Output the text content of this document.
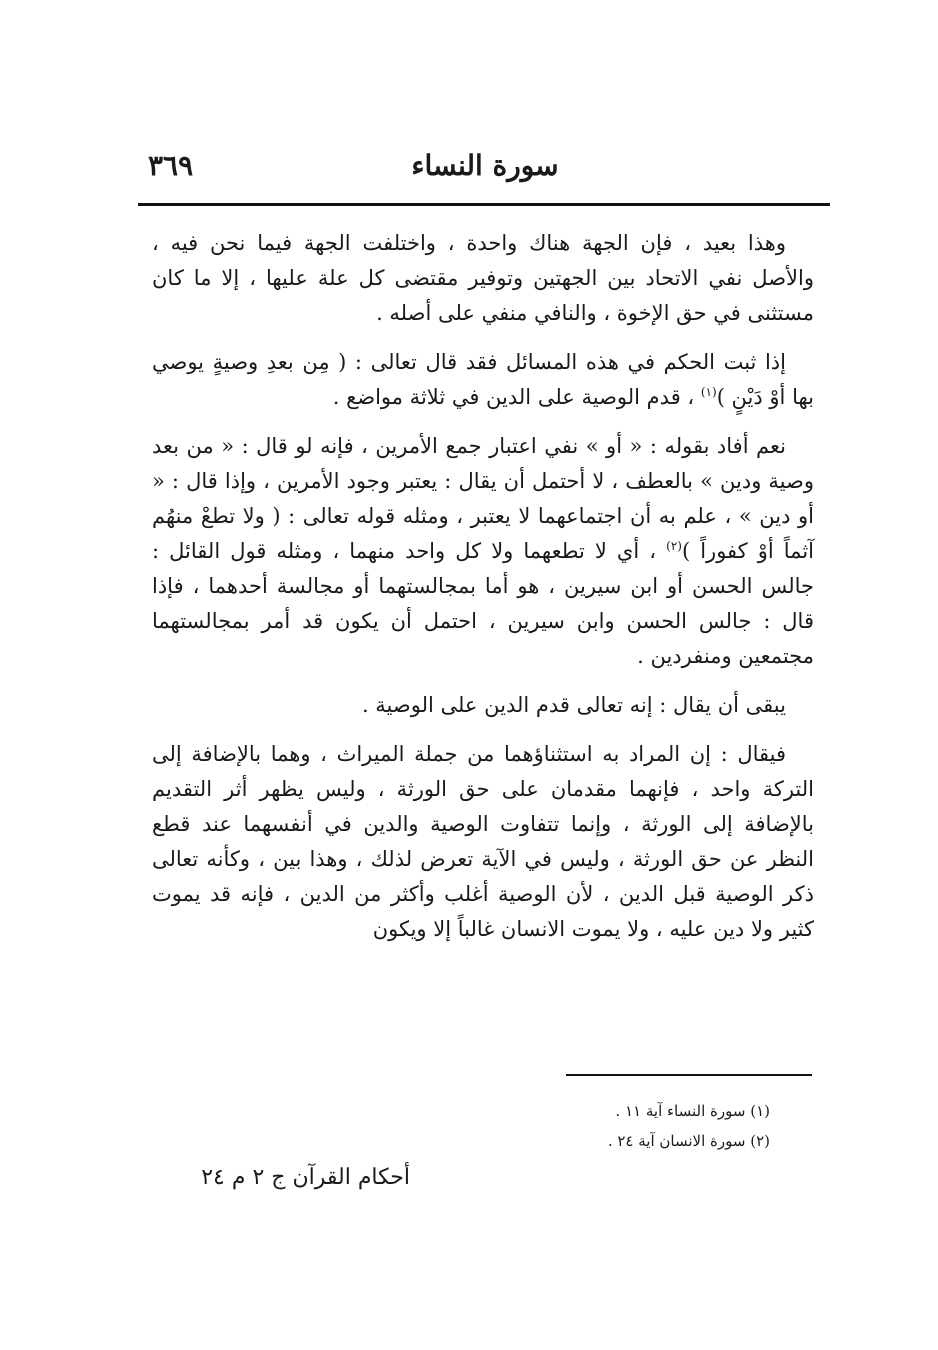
سورة النساء
٣٦٩

وهذا بعيد ، فإن الجهة هناك واحدة ، واختلفت الجهة فيما نحن فيه ، والأصل نفي الاتحاد بين الجهتين وتوفير مقتضى كل علة عليها ، إلا ما كان مستثنى في حق الإخوة ، والنافي منفي على أصله .

إذا ثبت الحكم في هذه المسائل فقد قال تعالى : ( مِن بعدِ وصيةٍ يوصي بها أوْ دَيْنٍ )$^{(١)}$ ، قدم الوصية على الدين في ثلاثة مواضع .

نعم أفاد بقوله : « أو » نفي اعتبار جمع الأمرين ، فإنه لو قال : « من بعد وصية ودين » بالعطف ، لا أحتمل أن يقال : يعتبر وجود الأمرين ، وإذا قال : « أو دين » ، علم به أن اجتماعهما لا يعتبر ، ومثله قوله تعالى : ( ولا تطعْ منهُم آثماً أوْ كفوراً )$^{(٢)}$ ، أي لا تطعهما ولا كل واحد منهما ، ومثله قول القائل : جالس الحسن أو ابن سيرين ، هو أما بمجالستهما أو مجالسة أحدهما ، فإذا قال : جالس الحسن وابن سيرين ، احتمل أن يكون قد أمر بمجالستهما مجتمعين ومنفردين .

يبقى أن يقال : إنه تعالى قدم الدين على الوصية .

فيقال : إن المراد به استثناؤهما من جملة الميراث ، وهما بالإضافة إلى التركة واحد ، فإنهما مقدمان على حق الورثة ، وليس يظهر أثر التقديم بالإضافة إلى الورثة ، وإنما تتفاوت الوصية والدين في أنفسهما عند قطع النظر عن حق الورثة ، وليس في الآية تعرض لذلك ، وهذا بين ، وكأنه تعالى ذكر الوصية قبل الدين ، لأن الوصية أغلب وأكثر من الدين ، فإنه قد يموت كثير ولا دين عليه ، ولا يموت الانسان غالباً إلا ويكون

(١) سورة النساء آية ١١ .

(٢) سورة الانسان آية ٢٤ .

أحكام القرآن ج ٢ م ٢٤
